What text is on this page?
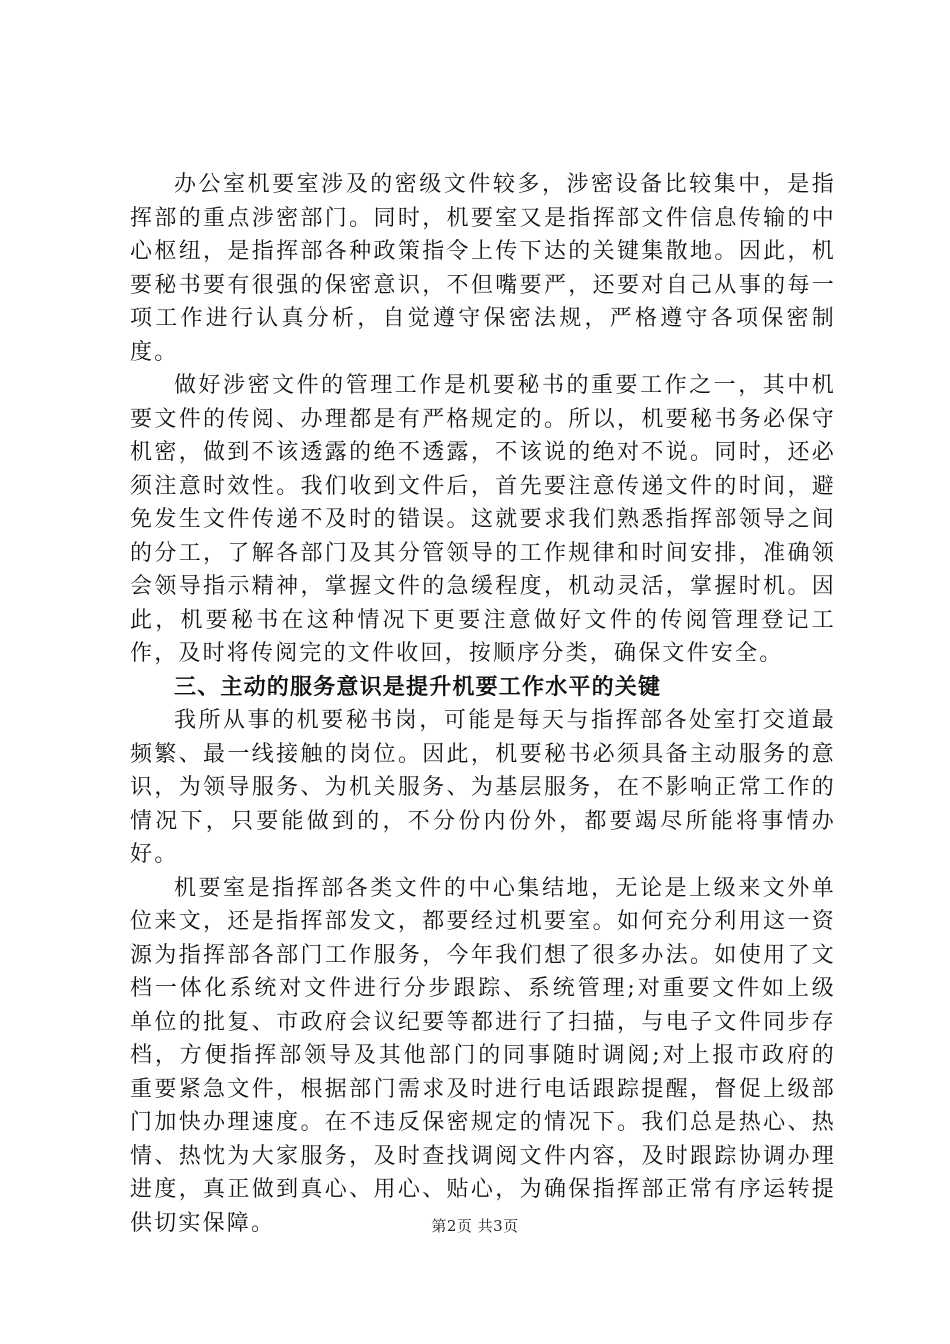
办公室机要室涉及的密级文件较多，涉密设备比较集中，是指挥部的重点涉密部门。同时，机要室又是指挥部文件信息传输的中心枢纽，是指挥部各种政策指令上传下达的关键集散地。因此，机要秘书要有很强的保密意识，不但嘴要严，还要对自己从事的每一项工作进行认真分析，自觉遵守保密法规，严格遵守各项保密制度。

做好涉密文件的管理工作是机要秘书的重要工作之一，其中机要文件的传阅、办理都是有严格规定的。所以，机要秘书务必保守机密，做到不该透露的绝不透露，不该说的绝对不说。同时，还必须注意时效性。我们收到文件后，首先要注意传递文件的时间，避免发生文件传递不及时的错误。这就要求我们熟悉指挥部领导之间的分工，了解各部门及其分管领导的工作规律和时间安排，准确领会领导指示精神，掌握文件的急缓程度，机动灵活，掌握时机。因此，机要秘书在这种情况下更要注意做好文件的传阅管理登记工作，及时将传阅完的文件收回，按顺序分类，确保文件安全。

三、主动的服务意识是提升机要工作水平的关键

我所从事的机要秘书岗，可能是每天与指挥部各处室打交道最频繁、最一线接触的岗位。因此，机要秘书必须具备主动服务的意识，为领导服务、为机关服务、为基层服务，在不影响正常工作的情况下，只要能做到的，不分份内份外，都要竭尽所能将事情办好。

机要室是指挥部各类文件的中心集结地，无论是上级来文外单位来文，还是指挥部发文，都要经过机要室。如何充分利用这一资源为指挥部各部门工作服务，今年我们想了很多办法。如使用了文档一体化系统对文件进行分步跟踪、系统管理;对重要文件如上级单位的批复、市政府会议纪要等都进行了扫描，与电子文件同步存档，方便指挥部领导及其他部门的同事随时调阅;对上报市政府的重要紧急文件，根据部门需求及时进行电话跟踪提醒，督促上级部门加快办理速度。在不违反保密规定的情况下。我们总是热心、热情、热忱为大家服务，及时查找调阅文件内容，及时跟踪协调办理进度，真正做到真心、用心、贴心，为确保指挥部正常有序运转提供切实保障。	第2页 共3页
